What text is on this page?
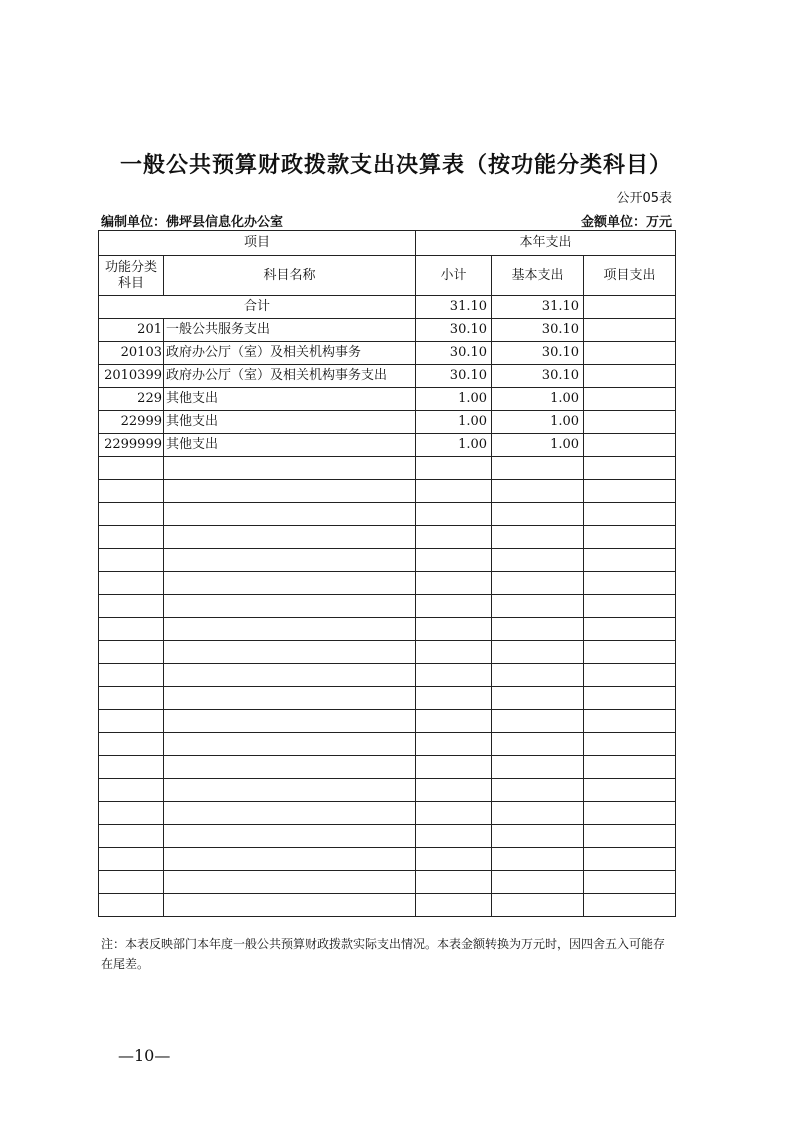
一般公共预算财政拨款支出决算表（按功能分类科目）
公开05表
编制单位：佛坪县信息化办公室	金额单位：万元
项目		本年支出		
功能分类科目	科目名称	小计	基本支出	项目支出
合计		31.10	31.10	
201	一般公共服务支出	30.10	30.10	
20103	政府办公厅（室）及相关机构事务	30.10	30.10	
2010399	政府办公厅（室）及相关机构事务支出	30.10	30.10	
229	其他支出	1.00	1.00	
22999	其他支出	1.00	1.00	
2299999	其他支出	1.00	1.00	

注：本表反映部门本年度一般公共预算财政拨款实际支出情况。本表金额转换为万元时，因四舍五入可能存在尾差。
—10—
